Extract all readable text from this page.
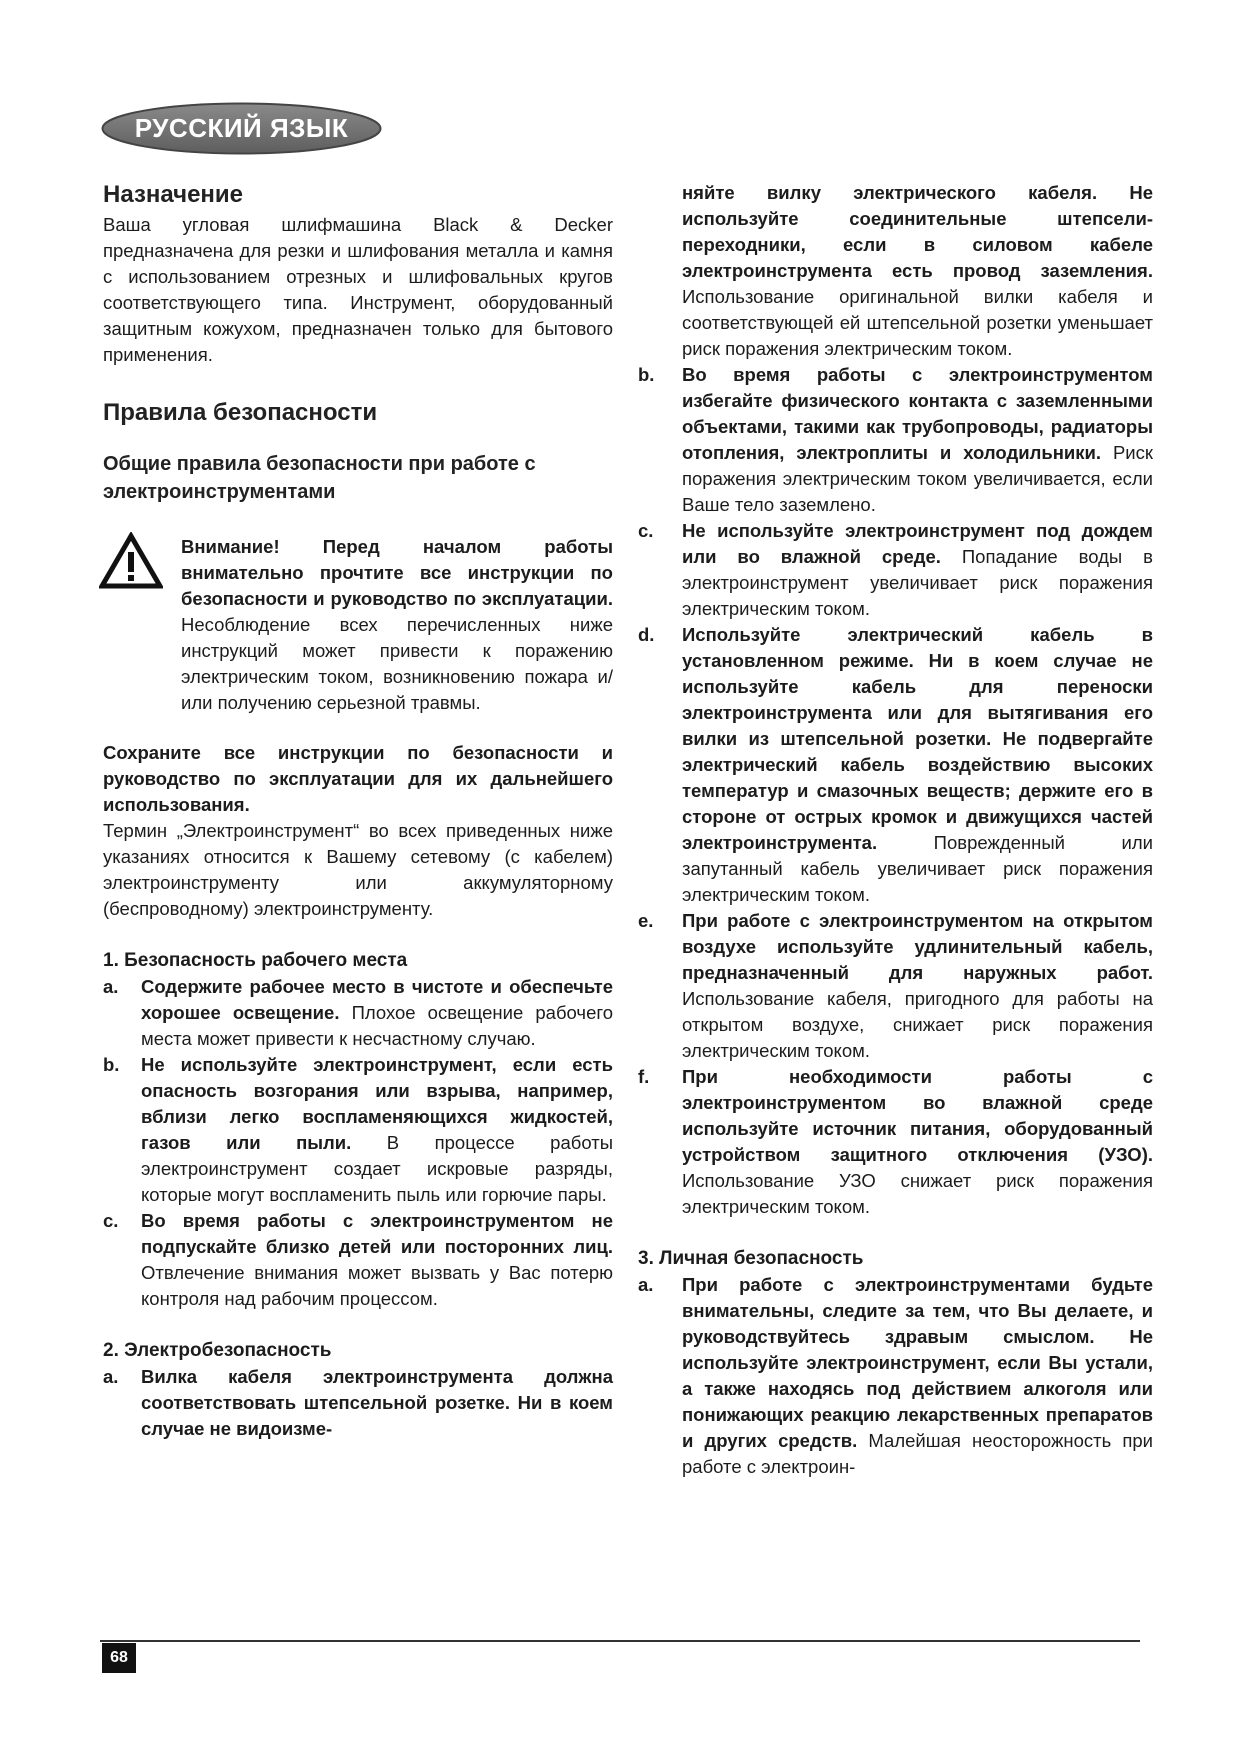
РУССКИЙ ЯЗЫК
Назначение

Ваша угловая шлифмашина Black & Decker предназначена для резки и шлифования металла и камня с использованием отрезных и шлифовальных кругов соответствующего типа. Инструмент, оборудованный защитным кожухом, предназначен только для бытового применения.

Правила безопасности
Общие правила безопасности при работе с электроинструментами

Внимание! Перед началом работы внимательно прочтите все инструкции по безопасности и руководство по эксплуатации. Несоблюдение всех перечисленных ниже инструкций может привести к поражению электрическим током, возникновению пожара и/или получению серьезной травмы.

Сохраните все инструкции по безопасности и руководство по эксплуатации для их дальнейшего использования.

Термин „Электроинструмент“ во всех приведенных ниже указаниях относится к Вашему сетевому (с кабелем) электроинструменту или аккумуляторному (беспроводному) электроинструменту.

1. Безопасность рабочего места
a. Содержите рабочее место в чистоте и обеспечьте хорошее освещение. Плохое освещение рабочего места может привести к несчастному случаю.
b. Не используйте электроинструмент, если есть опасность возгорания или взрыва, например, вблизи легко воспламеняющихся жидкостей, газов или пыли. В процессе работы электроинструмент создает искровые разряды, которые могут воспламенить пыль или горючие пары.
c. Во время работы с электроинструментом не подпускайте близко детей или посторонних лиц. Отвлечение внимания может вызвать у Вас потерю контроля над рабочим процессом.
2. Электробезопасность
a. Вилка кабеля электроинструмента должна соответствовать штепсельной розетке. Ни в коем случае не видоизме-
няйте вилку электрического кабеля. Не используйте соединительные штепсели-переходники, если в силовом кабеле электроинструмента есть провод заземления. Использование оригинальной вилки кабеля и соответствующей ей штепсельной розетки уменьшает риск поражения электрическим током.
b. Во время работы с электроинструментом избегайте физического контакта с заземленными объектами, такими как трубопроводы, радиаторы отопления, электроплиты и холодильники. Риск поражения электрическим током увеличивается, если Ваше тело заземлено.
c. Не используйте электроинструмент под дождем или во влажной среде. Попадание воды в электроинструмент увеличивает риск поражения электрическим током.
d. Используйте электрический кабель в установленном режиме. Ни в коем случае не используйте кабель для переноски электроинструмента или для вытягивания его вилки из штепсельной розетки. Не подвергайте электрический кабель воздействию высоких температур и смазочных веществ; держите его в стороне от острых кромок и движущихся частей электроинструмента. Поврежденный или запутанный кабель увеличивает риск поражения электрическим током.
e. При работе с электроинструментом на открытом воздухе используйте удлинительный кабель, предназначенный для наружных работ. Использование кабеля, пригодного для работы на открытом воздухе, снижает риск поражения электрическим током.
f. При необходимости работы с электроинструментом во влажной среде используйте источник питания, оборудованный устройством защитного отключения (УЗО). Использование УЗО снижает риск поражения электрическим током.
3. Личная безопасность
a. При работе с электроинструментами будьте внимательны, следите за тем, что Вы делаете, и руководствуйтесь здравым смыслом. Не используйте электроинструмент, если Вы устали, а также находясь под действием алкоголя или понижающих реакцию лекарственных препаратов и других средств. Малейшая неосторожность при работе с электроин-
68
